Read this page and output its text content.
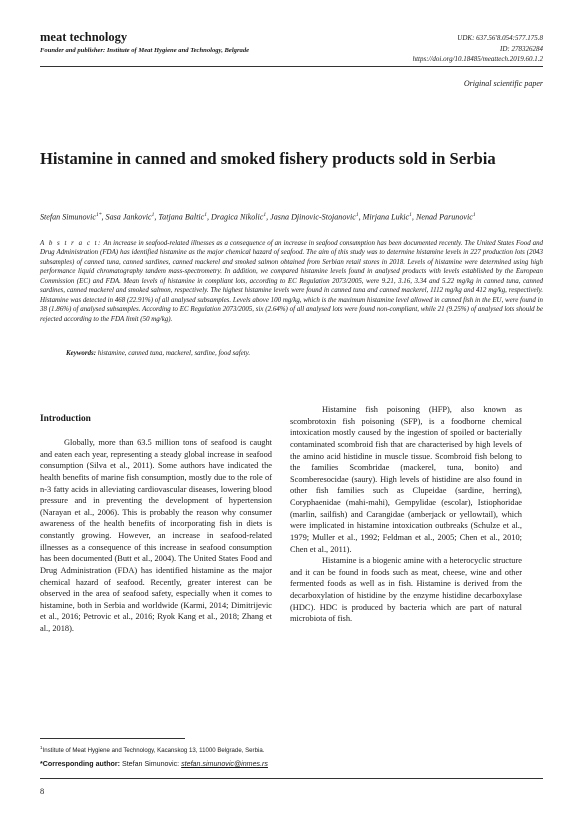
meat technology
Founder and publisher: Institute of Meat Hygiene and Technology, Belgrade
UDK: 637.56'8.054:577.175.8
ID: 278326284
https://doi.org/10.18485/meattech.2019.60.1.2
Original scientific paper
Histamine in canned and smoked fishery products sold in Serbia
Stefan Simunovic$^{1*}$, Sasa Jankovic$^1$, Tatjana Baltic$^1$, Dragica Nikolic$^1$, Jasna Djinovic-Stojanovic$^1$, Mirjana Lukic$^1$, Nenad Parunovic$^1$
A b s t r a c t: An increase in seafood-related illnesses as a consequence of an increase in seafood consumption has been documented recently. The United States Food and Drug Administration (FDA) has identified histamine as the major chemical hazard of seafood. The aim of this study was to determine histamine levels in 227 production lots (2043 subsamples) of canned tuna, canned sardines, canned mackerel and smoked salmon obtained from Serbian retail stores in 2018. Levels of histamine were determined using high performance liquid chromatography tandem mass-spectrometry. In addition, we compared histamine levels found in analysed products with levels established by the European Commission (EC) and FDA. Mean levels of histamine in compliant lots, according to EC Regulation 2073/2005, were 9.21, 3.16, 3.34 and 5.22 mg/kg in canned tuna, canned sardines, canned mackerel and smoked salmon, respectively. The highest histamine levels were found in canned tuna and canned mackerel, 1112 mg/kg and 412 mg/kg, respectively. Histamine was detected in 468 (22.91%) of all analysed subsamples. Levels above 100 mg/kg, which is the maximum histamine level allowed in canned fish in the EU, were found in 38 (1.86%) of analysed subsamples. According to EC Regulation 2073/2005, six (2.64%) of all analysed lots were found non-compliant, while 21 (9.25%) of analysed lots should be rejected according to the FDA limit (50 mg/kg).
Keywords: histamine, canned tuna, mackerel, sardine, food safety.
Introduction

Globally, more than 63.5 million tons of seafood is caught and eaten each year, representing a steady global increase in seafood consumption (Silva et al., 2011). Some authors have indicated the health benefits of marine fish consumption, mostly due to the role of n-3 fatty acids in alleviating cardiovascular diseases, lowering blood pressure and in preventing the development of hypertension (Narayan et al., 2006). This is probably the reason why consumer awareness of the health benefits of incorporating fish in diets is constantly growing. However, an increase in seafood-related illnesses as a consequence of this increase in seafood consumption has been documented (Butt et al., 2004). The United States Food and Drug Administration (FDA) has identified histamine as the major chemical hazard of seafood. Recently, greater interest can be observed in the area of seafood safety, especially when it comes to histamine, both in Serbia and worldwide (Karmi, 2014; Dimitrijevic et al., 2016; Petrovic et al., 2016; Ryok Kang et al., 2018; Zhang et al., 2018).

Histamine fish poisoning (HFP), also known as scombrotoxin fish poisoning (SFP), is a foodborne chemical intoxication mostly caused by the ingestion of spoiled or bacterially contaminated scombroid fish that are characterised by high levels of the amino acid histidine in muscle tissue. Scombroid fish belong to the families Scombridae (mackerel, tuna, bonito) and Scomberesocidae (saury). High levels of histidine are also found in other fish families such as Clupeidae (sardine, herring), Coryphaenidae (mahi-mahi), Gempylidae (escolar), Istiophoridae (marlin, sailfish) and Carangidae (amberjack or yellowtail), which were implicated in histamine intoxication outbreaks (Schulze et al., 1979; Muller et al., 1992; Feldman et al., 2005; Chen et al., 2010; Chen et al., 2011).

Histamine is a biogenic amine with a heterocyclic structure and it can be found in foods such as meat, cheese, wine and other fermented foods as well as in fish. Histamine is derived from the decarboxylation of histidine by the enzyme histidine decarboxylase (HDC). HDC is produced by bacteria which are part of natural microbiota of fish.

$^1$Institute of Meat Hygiene and Technology, Kacanskog 13, 11000 Belgrade, Serbia.
*Corresponding author: Stefan Simunovic: stefan.simunovic@inmes.rs
8
